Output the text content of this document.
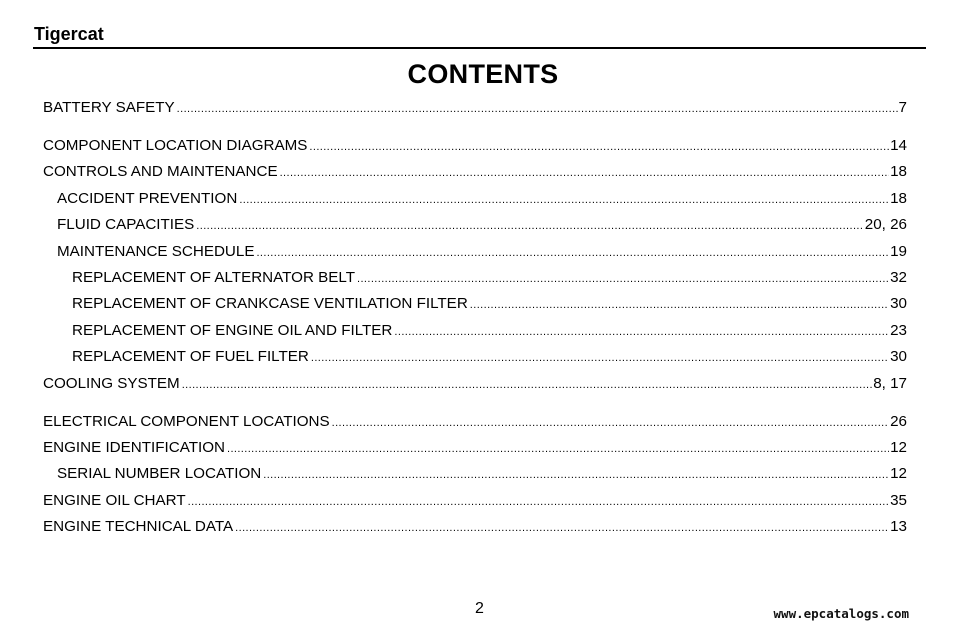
Tigercat
CONTENTS
BATTERY SAFETY .....	7
COMPONENT LOCATION DIAGRAMS .....	14
CONTROLS AND MAINTENANCE .....	18
ACCIDENT PREVENTION .....	18
FLUID CAPACITIES .....	20, 26
MAINTENANCE SCHEDULE .....	19
REPLACEMENT OF ALTERNATOR BELT .....	32
REPLACEMENT OF CRANKCASE VENTILATION FILTER .....	30
REPLACEMENT OF ENGINE OIL AND FILTER .....	23
REPLACEMENT OF FUEL FILTER .....	30
COOLING SYSTEM .....	8, 17
ELECTRICAL COMPONENT LOCATIONS .....	26
ENGINE IDENTIFICATION .....	12
SERIAL NUMBER LOCATION .....	12
ENGINE OIL CHART .....	35
ENGINE TECHNICAL DATA .....	13
2	www.epcatalogs.com
